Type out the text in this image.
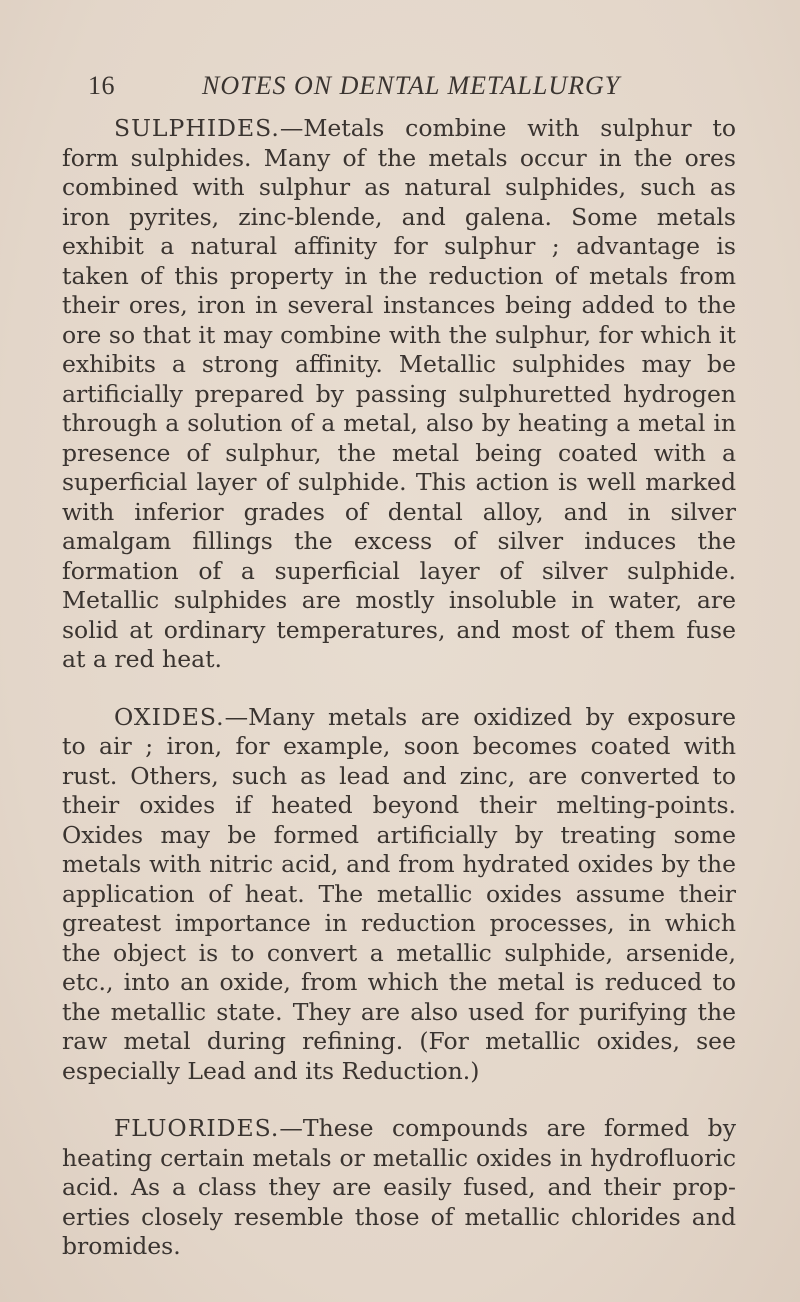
16	NOTES ON DENTAL METALLURGY

SULPHIDES.—Metals combine with sulphur to form sulphides. Many of the metals occur in the ores combined with sulphur as natural sulphides, such as iron pyrites, zinc-blende, and galena. Some metals exhibit a natural affinity for sulphur ; advantage is taken of this property in the reduction of metals from their ores, iron in several instances being added to the ore so that it may combine with the sulphur, for which it exhibits a strong affinity. Metallic sulphides may be artificially prepared by passing sulphuretted hydrogen through a solution of a metal, also by heating a metal in presence of sulphur, the metal being coated with a superficial layer of sulphide. This action is well marked with inferior grades of dental alloy, and in silver amalgam fillings the excess of silver induces the formation of a superficial layer of silver sulphide. Metallic sulphides are mostly insoluble in water, are solid at ordinary temperatures, and most of them fuse at a red heat.

OXIDES.—Many metals are oxidized by exposure to air ; iron, for example, soon becomes coated with rust. Others, such as lead and zinc, are converted to their oxides if heated beyond their melting-points. Oxides may be formed artificially by treating some metals with nitric acid, and from hydrated oxides by the application of heat. The metallic oxides assume their greatest importance in reduction processes, in which the object is to convert a metallic sulphide, arsenide, etc., into an oxide, from which the metal is reduced to the metallic state. They are also used for purifying the raw metal during refining. (For metallic oxides, see especially Lead and its Reduction.)

FLUORIDES.—These compounds are formed by heating certain metals or metallic oxides in hydrofluoric acid. As a class they are easily fused, and their prop-erties closely resemble those of metallic chlorides and bromides.
